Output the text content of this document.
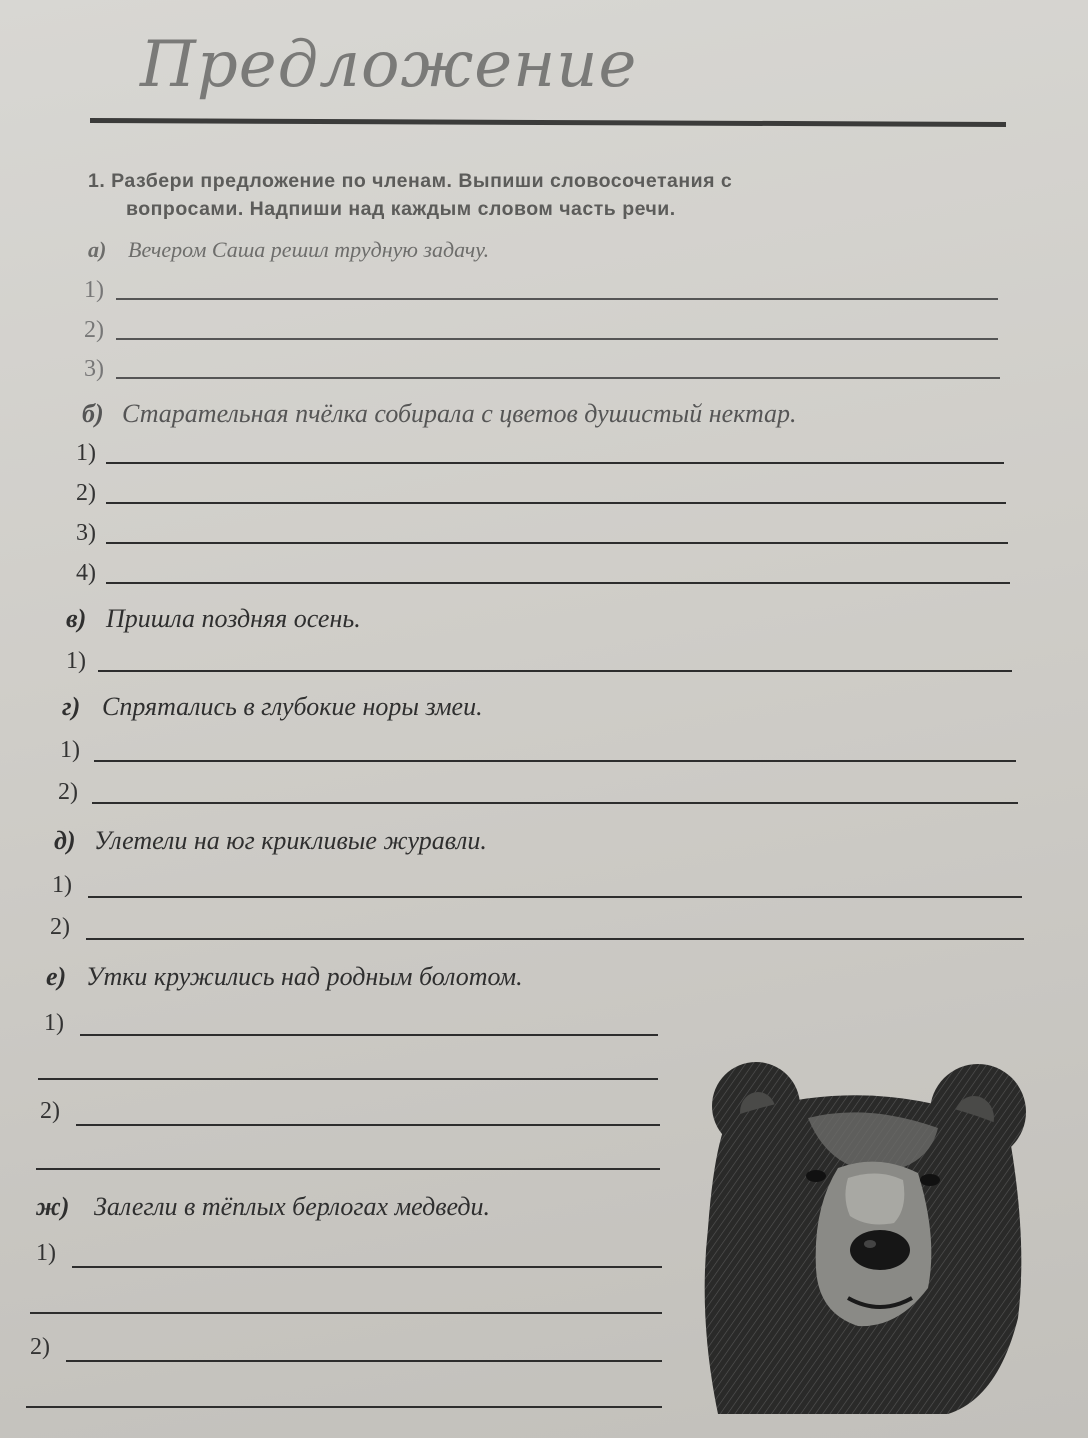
Предложение
1. Разбери предложение по членам. Выпиши словосочетания с
вопросами. Надпиши над каждым словом часть речи.
а) Вечером Саша решил трудную задачу.
1)
2)
3)
б) Старательная пчёлка собирала с цветов душистый нектар.
1)
2)
3)
4)
в) Пришла поздняя осень.
1)
г) Спрятались в глубокие норы змеи.
1)
2)
д) Улетели на юг крикливые журавли.
1)
2)
е) Утки кружились над родным болотом.
1)
2)
ж) Залегли в тёплых берлогах медведи.
1)
2)
